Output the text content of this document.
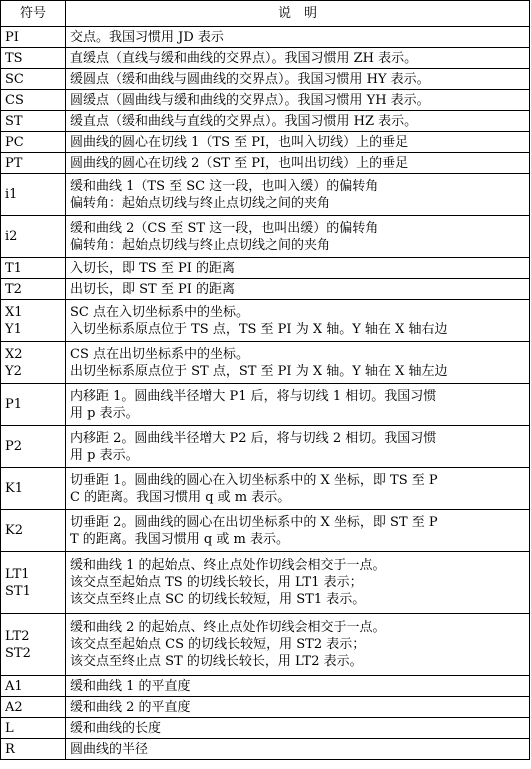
符号	说　明
PI	交点。我国习惯用 JD 表示
TS	直缓点（直线与缓和曲线的交界点）。我国习惯用 ZH 表示。
SC	缓圆点（缓和曲线与圆曲线的交界点）。我国习惯用 HY 表示。
CS	圆缓点（圆曲线与缓和曲线的交界点）。我国习惯用 YH 表示。
ST	缓直点（缓和曲线与直线的交界点）。我国习惯用 HZ 表示。
PC	圆曲线的圆心在切线 1（TS 至 PI，也叫入切线）上的垂足
PT	圆曲线的圆心在切线 2（ST 至 PI，也叫出切线）上的垂足
i1	缓和曲线 1（TS 至 SC 这一段，也叫入缓）的偏转角
偏转角：起始点切线与终止点切线之间的夹角
i2	缓和曲线 2（CS 至 ST 这一段，也叫出缓）的偏转角
偏转角：起始点切线与终止点切线之间的夹角
T1	入切长，即 TS 至 PI 的距离
T2	出切长，即 ST 至 PI 的距离
X1
Y1	SC 点在入切坐标系中的坐标。
入切坐标系原点位于 TS 点，TS 至 PI 为 X 轴。Y 轴在 X 轴右边
X2
Y2	CS 点在出切坐标系中的坐标。
出切坐标系原点位于 ST 点，ST 至 PI 为 X 轴。Y 轴在 X 轴左边
P1	内移距 1。圆曲线半径增大 P1 后，将与切线 1 相切。我国习惯
用 p 表示。
P2	内移距 2。圆曲线半径增大 P2 后，将与切线 2 相切。我国习惯
用 p 表示。
K1	切垂距 1。圆曲线的圆心在入切坐标系中的 X 坐标，即 TS 至 P
C 的距离。我国习惯用 q 或 m 表示。
K2	切垂距 2。圆曲线的圆心在出切坐标系中的 X 坐标，即 ST 至 P
T 的距离。我国习惯用 q 或 m 表示。
LT1
ST1	缓和曲线 1 的起始点、终止点处作切线会相交于一点。
该交点至起始点 TS 的切线长较长，用 LT1 表示；
该交点至终止点 SC 的切线长较短，用 ST1 表示。
LT2
ST2	缓和曲线 2 的起始点、终止点处作切线会相交于一点。
该交点至起始点 CS 的切线长较短，用 ST2 表示；
该交点至终止点 ST 的切线长较长，用 LT2 表示。
A1	缓和曲线 1 的平直度
A2	缓和曲线 2 的平直度
L	缓和曲线的长度
R	圆曲线的半径
